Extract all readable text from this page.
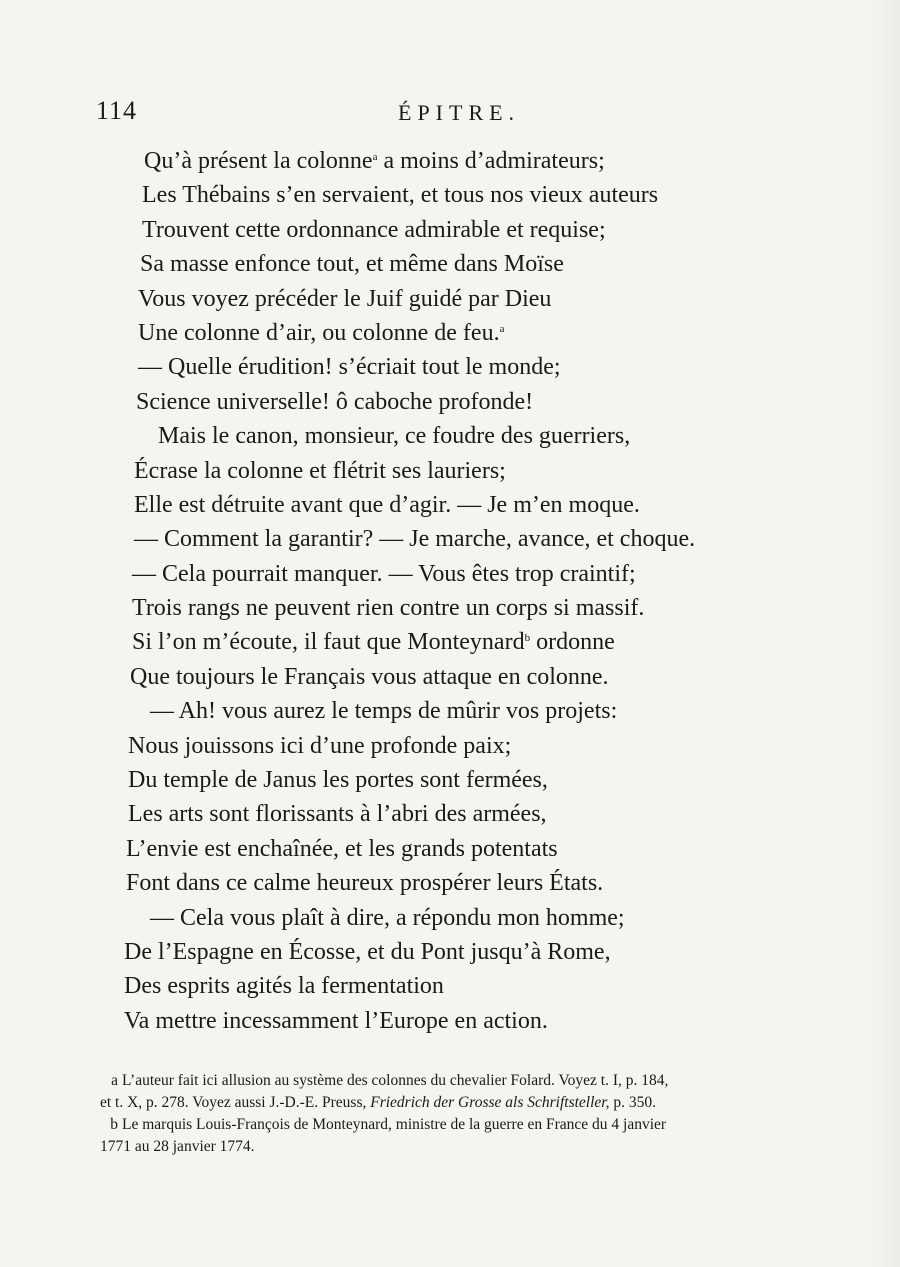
114	ÉPITRE.
Qu’à présent la colonne$^a$ a moins d’admirateurs;
Les Thébains s’en servaient, et tous nos vieux auteurs
Trouvent cette ordonnance admirable et requise;
Sa masse enfonce tout, et même dans Moïse
Vous voyez précéder le Juif guidé par Dieu
Une colonne d’air, ou colonne de feu.$^a$
— Quelle érudition! s’écriait tout le monde;
Science universelle! ô caboche profonde!
Mais le canon, monsieur, ce foudre des guerriers,
Écrase la colonne et flétrit ses lauriers;
Elle est détruite avant que d’agir. — Je m’en moque.
— Comment la garantir? — Je marche, avance, et choque.
— Cela pourrait manquer. — Vous êtes trop craintif;
Trois rangs ne peuvent rien contre un corps si massif.
Si l’on m’écoute, il faut que Monteynard$^b$ ordonne
Que toujours le Français vous attaque en colonne.
— Ah! vous aurez le temps de mûrir vos projets:
Nous jouissons ici d’une profonde paix;
Du temple de Janus les portes sont fermées,
Les arts sont florissants à l’abri des armées,
L’envie est enchaînée, et les grands potentats
Font dans ce calme heureux prospérer leurs États.
— Cela vous plaît à dire, a répondu mon homme;
De l’Espagne en Écosse, et du Pont jusqu’à Rome,
Des esprits agités la fermentation
Va mettre incessamment l’Europe en action.
a L’auteur fait ici allusion au système des colonnes du chevalier Folard. Voyez t. I, p. 184,
et t. X, p. 278. Voyez aussi J.-D.-E. Preuss, Friedrich der Grosse als Schriftsteller, p. 350.
b Le marquis Louis-François de Monteynard, ministre de la guerre en France du 4 janvier
1771 au 28 janvier 1774.
